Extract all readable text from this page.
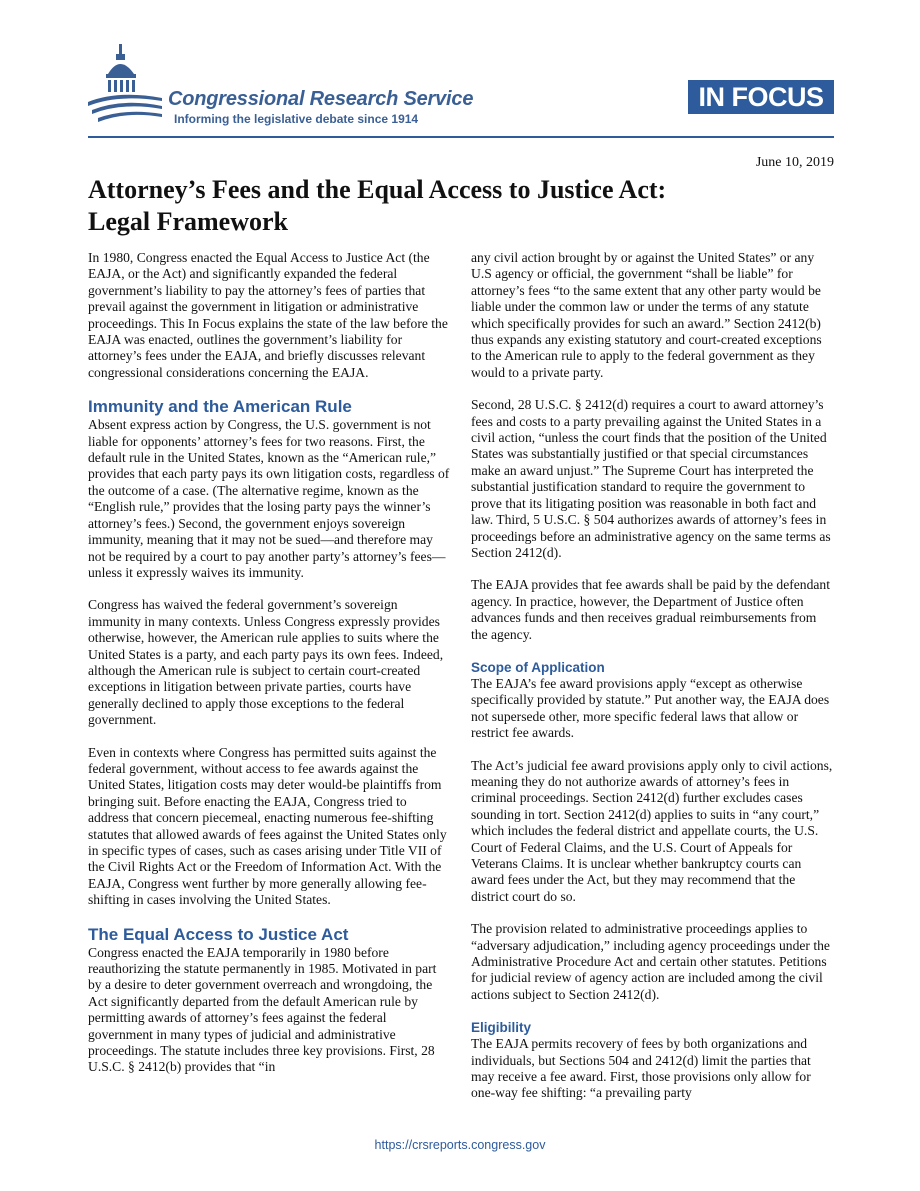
Congressional Research Service
Informing the legislative debate since 1914
IN FOCUS
June 10, 2019
Attorney’s Fees and the Equal Access to Justice Act:
Legal Framework

In 1980, Congress enacted the Equal Access to Justice Act (the EAJA, or the Act) and significantly expanded the federal government’s liability to pay the attorney’s fees of parties that prevail against the government in litigation or administrative proceedings. This In Focus explains the state of the law before the EAJA was enacted, outlines the government’s liability for attorney’s fees under the EAJA, and briefly discusses relevant congressional considerations concerning the EAJA.

Immunity and the American Rule

Absent express action by Congress, the U.S. government is not liable for opponents’ attorney’s fees for two reasons. First, the default rule in the United States, known as the “American rule,” provides that each party pays its own litigation costs, regardless of the outcome of a case. (The alternative regime, known as the “English rule,” provides that the losing party pays the winner’s attorney’s fees.) Second, the government enjoys sovereign immunity, meaning that it may not be sued—and therefore may not be required by a court to pay another party’s attorney’s fees—unless it expressly waives its immunity.

Congress has waived the federal government’s sovereign immunity in many contexts. Unless Congress expressly provides otherwise, however, the American rule applies to suits where the United States is a party, and each party pays its own fees. Indeed, although the American rule is subject to certain court-created exceptions in litigation between private parties, courts have generally declined to apply those exceptions to the federal government.

Even in contexts where Congress has permitted suits against the federal government, without access to fee awards against the United States, litigation costs may deter would-be plaintiffs from bringing suit. Before enacting the EAJA, Congress tried to address that concern piecemeal, enacting numerous fee-shifting statutes that allowed awards of fees against the United States only in specific types of cases, such as cases arising under Title VII of the Civil Rights Act or the Freedom of Information Act. With the EAJA, Congress went further by more generally allowing fee-shifting in cases involving the United States.

The Equal Access to Justice Act

Congress enacted the EAJA temporarily in 1980 before reauthorizing the statute permanently in 1985. Motivated in part by a desire to deter government overreach and wrongdoing, the Act significantly departed from the default American rule by permitting awards of attorney’s fees against the federal government in many types of judicial and administrative proceedings. The statute includes three key provisions. First, 28 U.S.C. § 2412(b) provides that “in

any civil action brought by or against the United States” or any U.S agency or official, the government “shall be liable” for attorney’s fees “to the same extent that any other party would be liable under the common law or under the terms of any statute which specifically provides for such an award.” Section 2412(b) thus expands any existing statutory and court-created exceptions to the American rule to apply to the federal government as they would to a private party.

Second, 28 U.S.C. § 2412(d) requires a court to award attorney’s fees and costs to a party prevailing against the United States in a civil action, “unless the court finds that the position of the United States was substantially justified or that special circumstances make an award unjust.” The Supreme Court has interpreted the substantial justification standard to require the government to prove that its litigating position was reasonable in both fact and law. Third, 5 U.S.C. § 504 authorizes awards of attorney’s fees in proceedings before an administrative agency on the same terms as Section 2412(d).

The EAJA provides that fee awards shall be paid by the defendant agency. In practice, however, the Department of Justice often advances funds and then receives gradual reimbursements from the agency.

Scope of Application

The EAJA’s fee award provisions apply “except as otherwise specifically provided by statute.” Put another way, the EAJA does not supersede other, more specific federal laws that allow or restrict fee awards.

The Act’s judicial fee award provisions apply only to civil actions, meaning they do not authorize awards of attorney’s fees in criminal proceedings. Section 2412(d) further excludes cases sounding in tort. Section 2412(d) applies to suits in “any court,” which includes the federal district and appellate courts, the U.S. Court of Federal Claims, and the U.S. Court of Appeals for Veterans Claims. It is unclear whether bankruptcy courts can award fees under the Act, but they may recommend that the district court do so.

The provision related to administrative proceedings applies to “adversary adjudication,” including agency proceedings under the Administrative Procedure Act and certain other statutes. Petitions for judicial review of agency action are included among the civil actions subject to Section 2412(d).

Eligibility

The EAJA permits recovery of fees by both organizations and individuals, but Sections 504 and 2412(d) limit the parties that may receive a fee award. First, those provisions only allow for one-way fee shifting: “a prevailing party

https://crsreports.congress.gov
